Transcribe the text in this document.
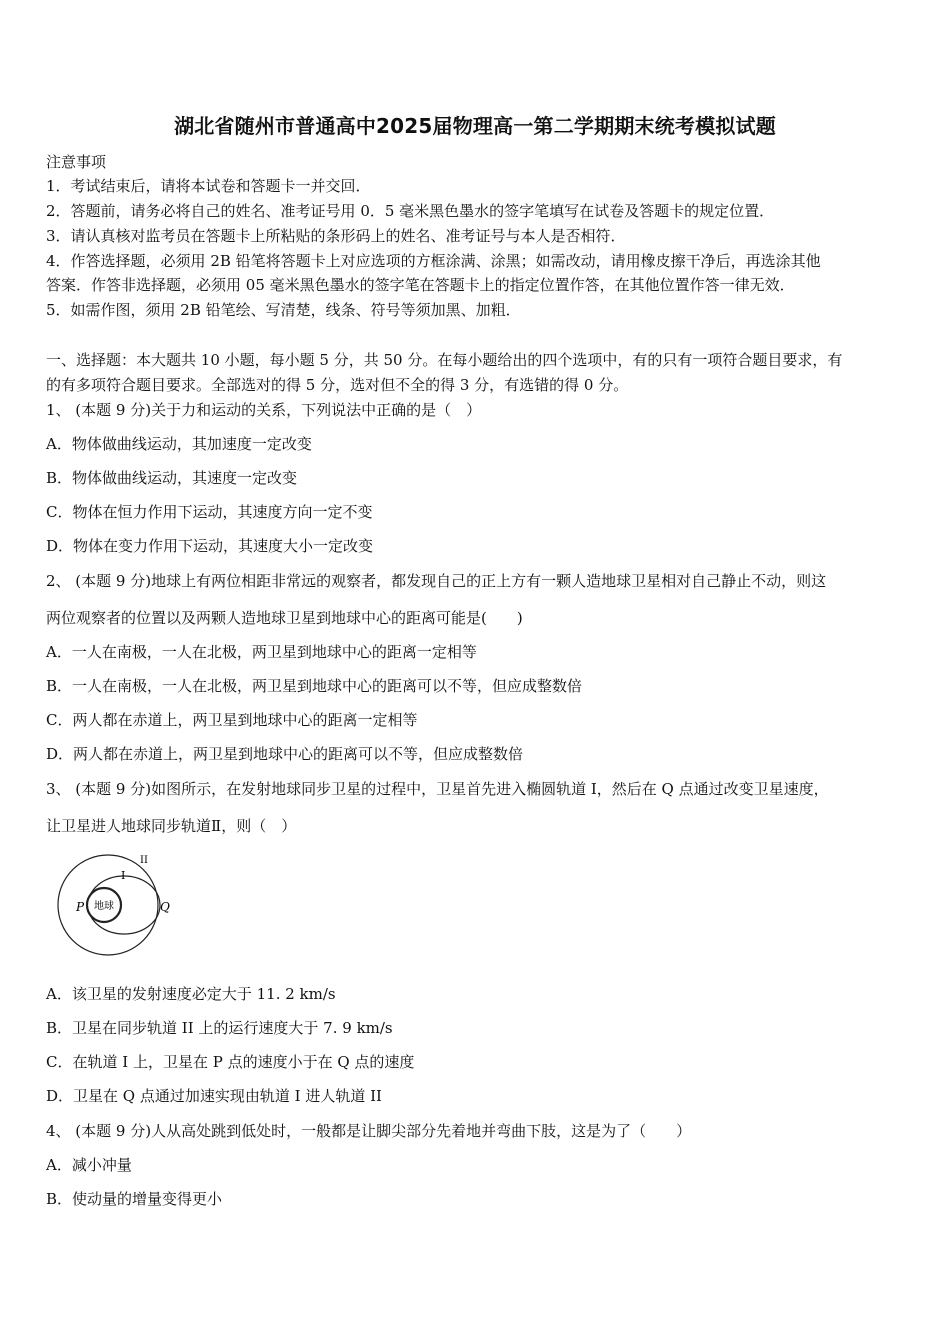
湖北省随州市普通高中2025届物理高一第二学期期末统考模拟试题
注意事项
1．考试结束后，请将本试卷和答题卡一并交回．
2．答题前，请务必将自己的姓名、准考证号用 0．5 毫米黑色墨水的签字笔填写在试卷及答题卡的规定位置．
3．请认真核对监考员在答题卡上所粘贴的条形码上的姓名、准考证号与本人是否相符．
4．作答选择题，必须用 2B 铅笔将答题卡上对应选项的方框涂满、涂黑；如需改动，请用橡皮擦干净后，再选涂其他
答案．作答非选择题，必须用 05 毫米黑色墨水的签字笔在答题卡上的指定位置作答，在其他位置作答一律无效．
5．如需作图，须用 2B 铅笔绘、写清楚，线条、符号等须加黑、加粗．
一、选择题：本大题共 10 小题，每小题 5 分，共 50 分。在每小题给出的四个选项中，有的只有一项符合题目要求，有
的有多项符合题目要求。全部选对的得 5 分，选对但不全的得 3 分，有选错的得 0 分。
1、 (本题 9 分)关于力和运动的关系，下列说法中正确的是（　）
A．物体做曲线运动，其加速度一定改变
B．物体做曲线运动，其速度一定改变
C．物体在恒力作用下运动，其速度方向一定不变
D．物体在变力作用下运动，其速度大小一定改变
2、 (本题 9 分)地球上有两位相距非常远的观察者，都发现自己的正上方有一颗人造地球卫星相对自己静止不动，则这
两位观察者的位置以及两颗人造地球卫星到地球中心的距离可能是(　　)
A．一人在南极，一人在北极，两卫星到地球中心的距离一定相等
B．一人在南极，一人在北极，两卫星到地球中心的距离可以不等，但应成整数倍
C．两人都在赤道上，两卫星到地球中心的距离一定相等
D．两人都在赤道上，两卫星到地球中心的距离可以不等，但应成整数倍
3、 (本题 9 分)如图所示，在发射地球同步卫星的过程中，卫星首先进入椭圆轨道 I，然后在 Q 点通过改变卫星速度，
让卫星进人地球同步轨道Ⅱ，则（　）
地球
P	Q
I
II
A．该卫星的发射速度必定大于 11. 2 km/s
B．卫星在同步轨道 II 上的运行速度大于 7. 9 km/s
C．在轨道 I 上，卫星在 P 点的速度小于在 Q 点的速度
D．卫星在 Q 点通过加速实现由轨道 I 进人轨道 II
4、 (本题 9 分)人从高处跳到低处时，一般都是让脚尖部分先着地并弯曲下肢，这是为了（　　）
A．减小冲量
B．使动量的增量变得更小
